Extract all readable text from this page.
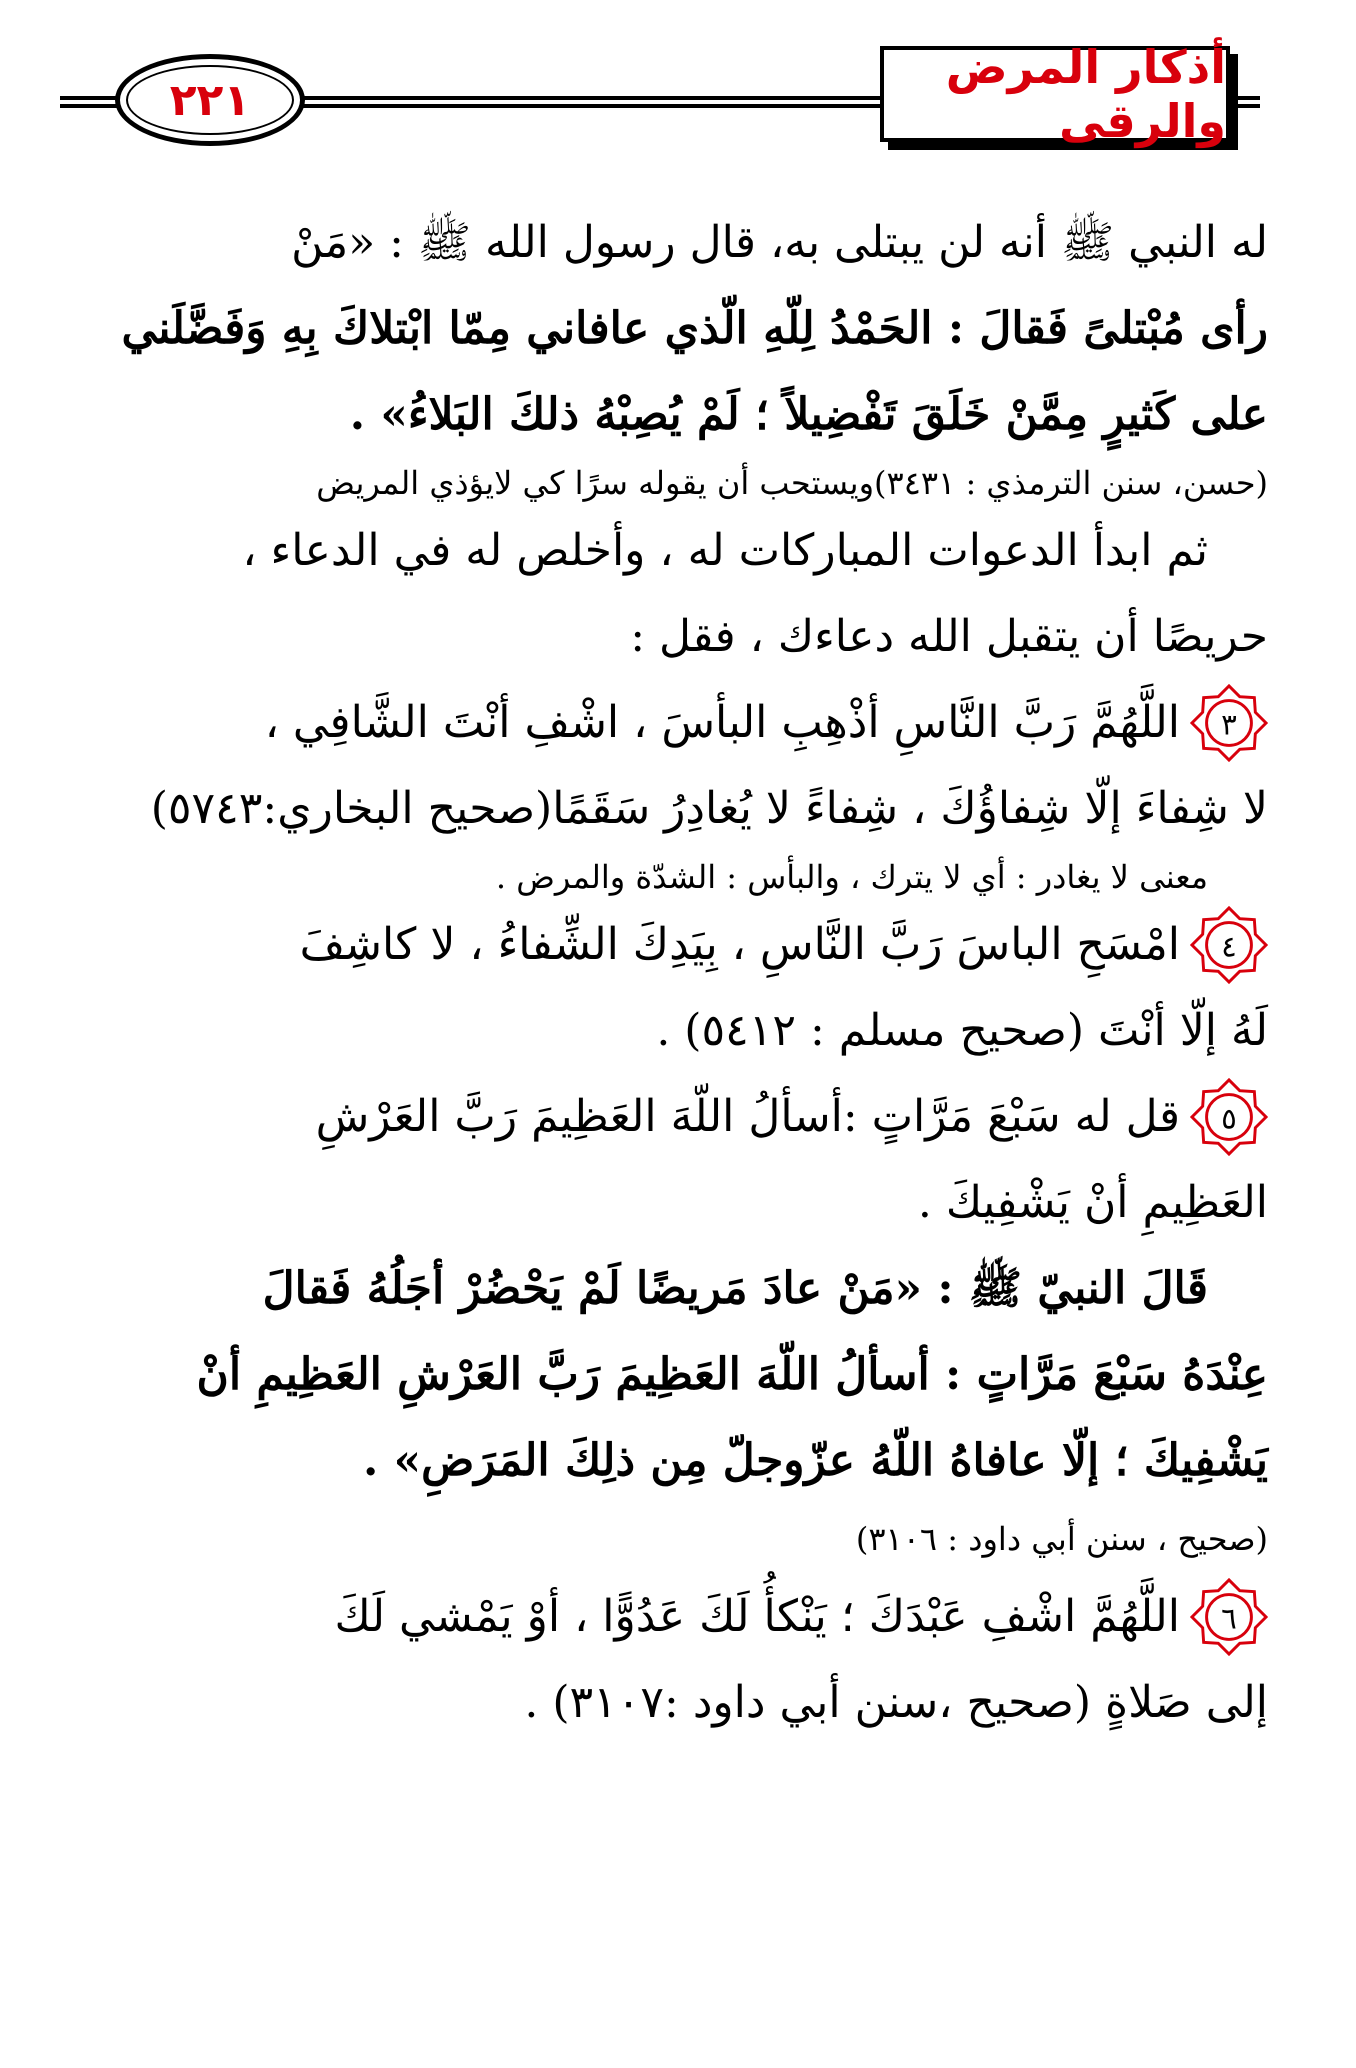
٢٢١
أذكار المرض والرقى
له النبي ﷺ أنه لن يبتلى به، قال رسول الله ﷺ : «مَنْ
رأى مُبْتلىً فَقالَ : الحَمْدُ لِلّهِ الّذي عافاني مِمّا ابْتلاكَ بِهِ وَفَضَّلَني
على كَثيرٍ مِمَّنْ خَلَقَ تَفْضِيلاً ؛ لَمْ يُصِبْهُ ذلكَ البَلاءُ» .
(حسن، سنن الترمذي : ٣٤٣١)ويستحب أن يقوله سرًا كي لايؤذي المريض
ثم ابدأ الدعوات المباركات له ، وأخلص له في الدعاء ،
حريصًا أن يتقبل الله دعاءك ، فقل :
٣
اللَّهُمَّ رَبَّ النَّاسِ أذْهِبِ البأسَ ، اشْفِ أنْتَ الشَّافِي ،
لا شِفاءَ إلّا شِفاؤُكَ ، شِفاءً لا يُغادِرُ سَقَمًا(صحيح البخاري:٥٧٤٣)
معنى لا يغادر : أي لا يترك ، والبأس : الشدّة والمرض .
٤
امْسَحِ الباسَ رَبَّ النَّاسِ ، بِيَدِكَ الشِّفاءُ ، لا كاشِفَ
لَهُ إلّا أنْتَ (صحيح مسلم : ٥٤١٢) .
٥
قل له سَبْعَ مَرَّاتٍ :أسألُ اللّهَ العَظِيمَ رَبَّ العَرْشِ
العَظِيمِ أنْ يَشْفِيكَ .
قَالَ النبيّ ﷺ : «مَنْ عادَ مَريضًا لَمْ يَحْضُرْ أجَلُهُ فَقالَ
عِنْدَهُ سَبْعَ مَرَّاتٍ : أسألُ اللّهَ العَظِيمَ رَبَّ العَرْشِ العَظِيمِ أنْ
يَشْفِيكَ ؛ إلّا عافاهُ اللّهُ عزّوجلّ مِن ذلِكَ المَرَضِ» .
(صحيح ، سنن أبي داود : ٣١٠٦)
٦
اللَّهُمَّ اشْفِ عَبْدَكَ ؛ يَنْكأُ لَكَ عَدُوًّا ، أوْ يَمْشي لَكَ
إلى صَلاةٍ (صحيح ،سنن أبي داود :٣١٠٧) .
